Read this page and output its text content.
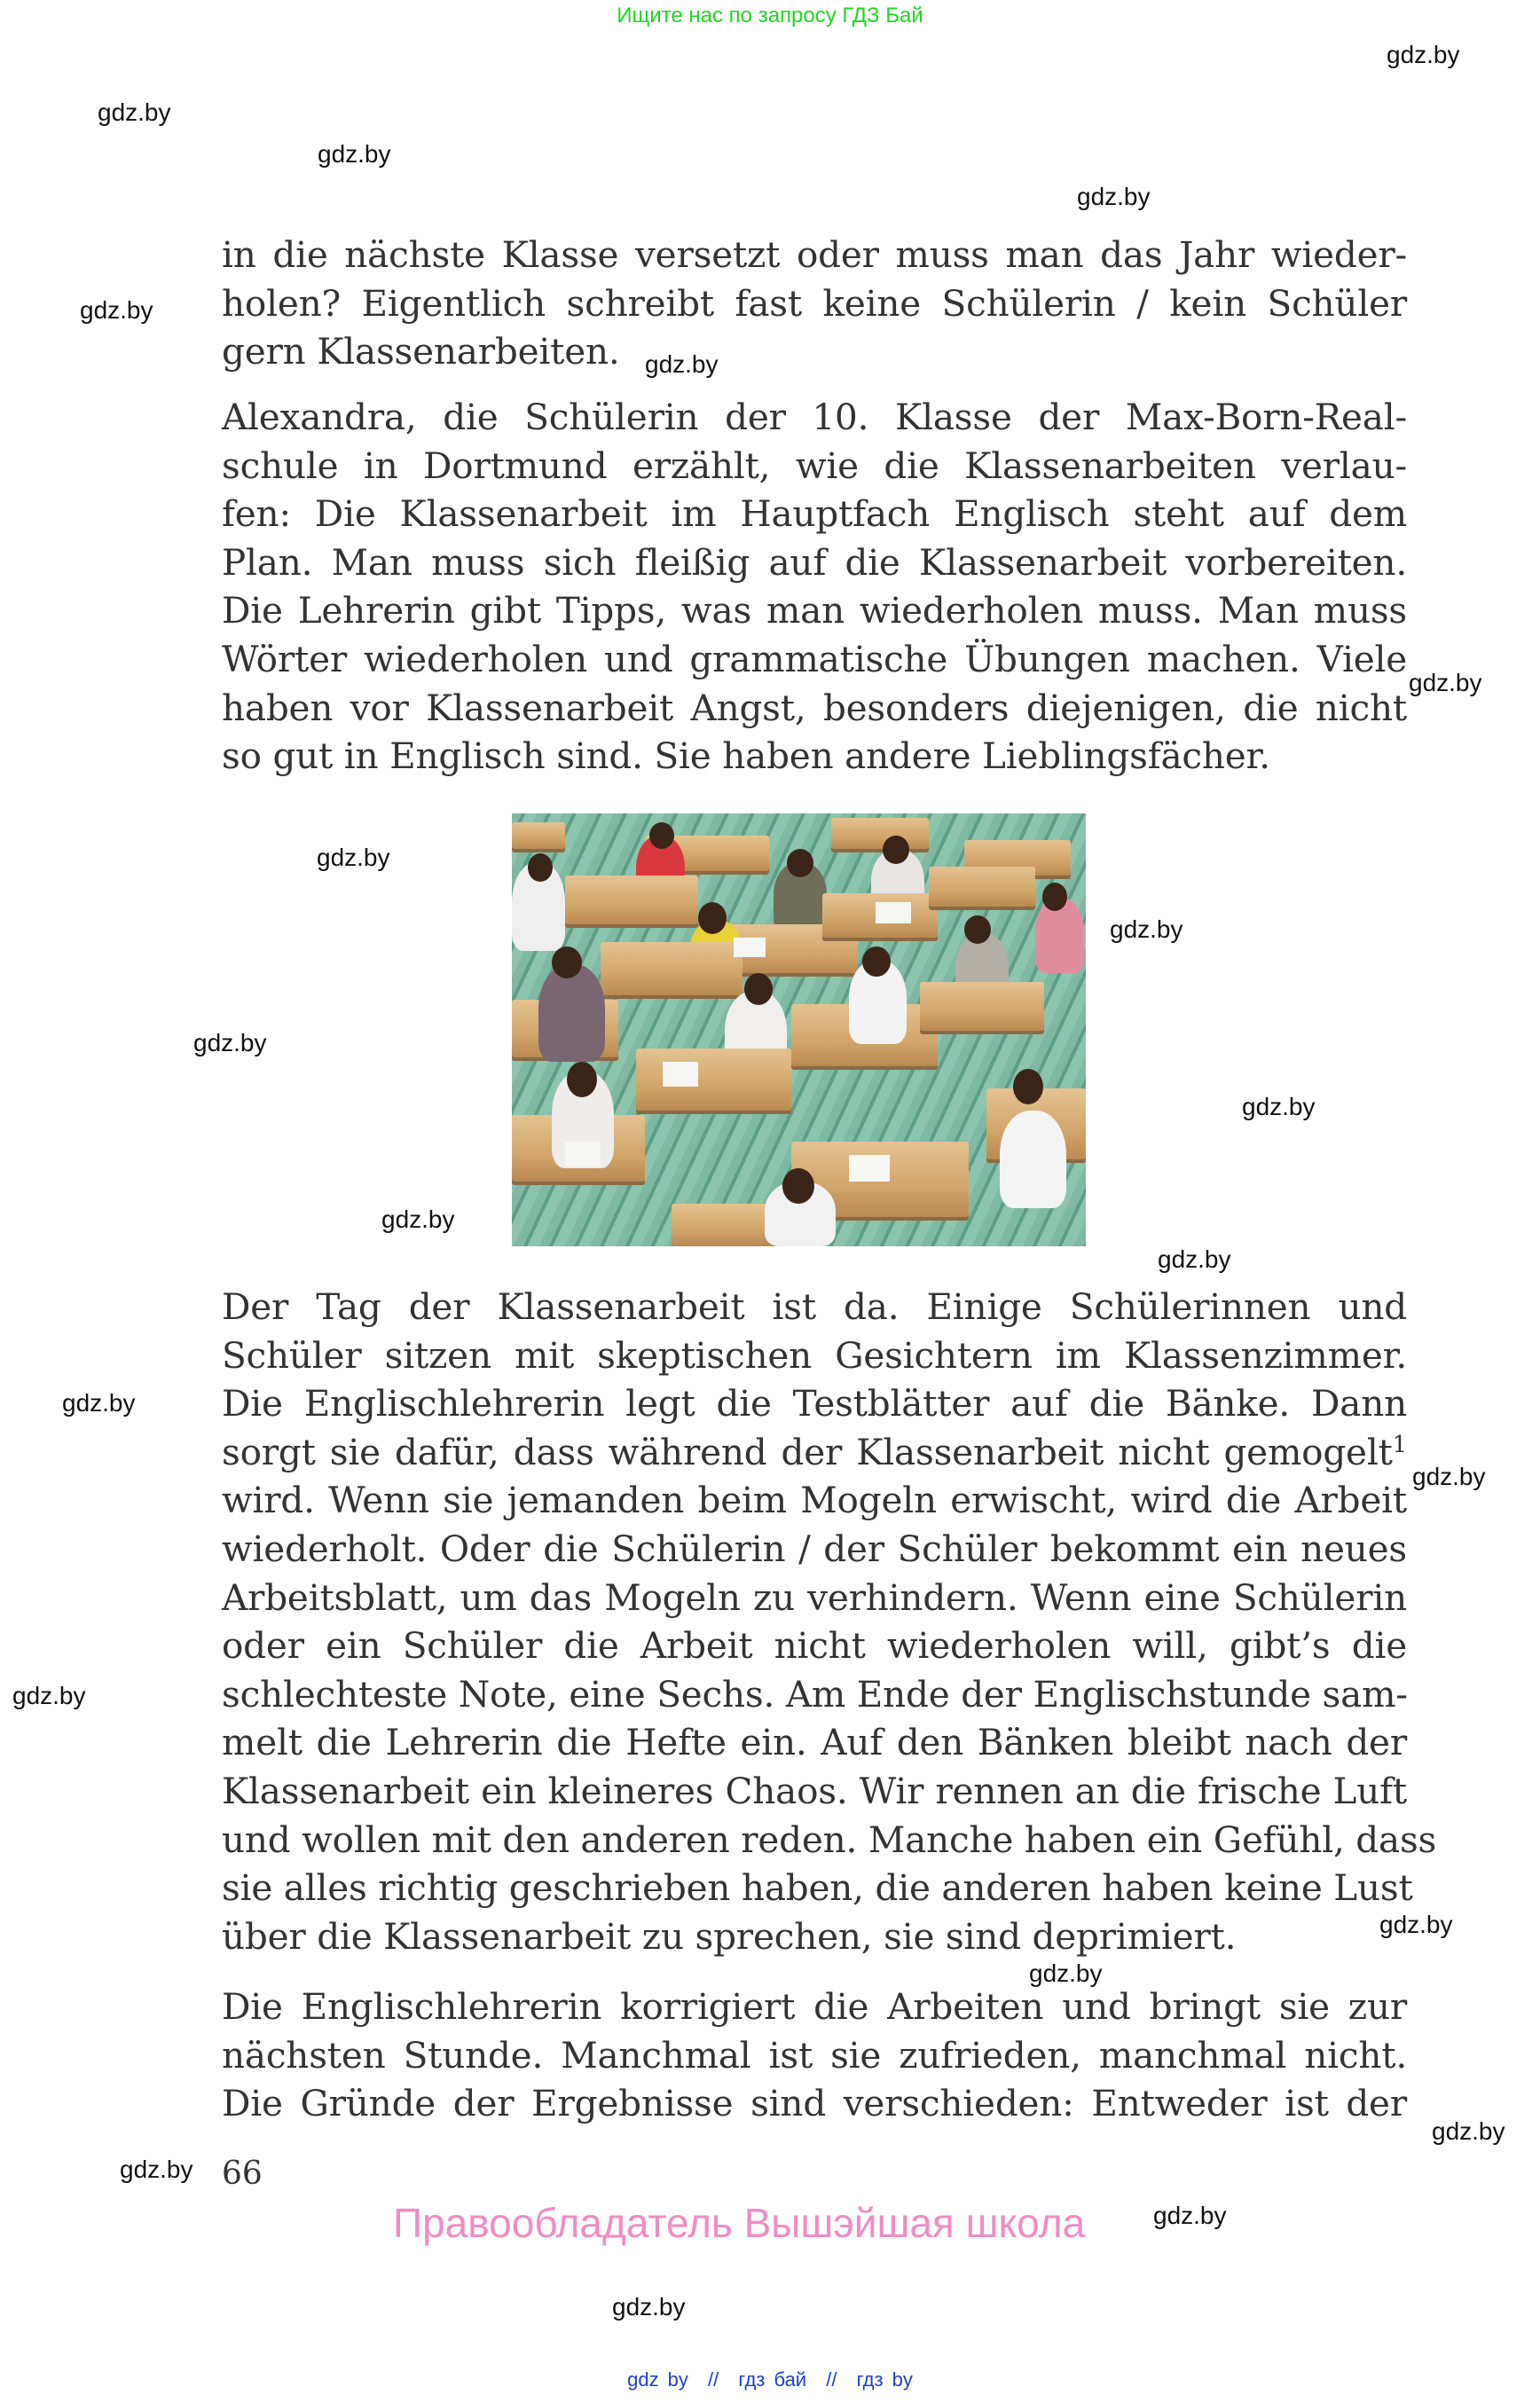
Ищите нас по запросу ГДЗ Бай
gdz.by
gdz.by
gdz.by
gdz.by
gdz.by
gdz.by
gdz.by
gdz.by
gdz.by
gdz.by
gdz.by
gdz.by
gdz.by
gdz.by
gdz.by
gdz.by
gdz.by
gdz.by
gdz.by
gdz.by
gdz.by
gdz.by
in die nächste Klasse versetzt oder muss man das Jahr wieder-
holen? Eigentlich schreibt fast keine Schülerin / kein Schüler
gern Klassenarbeiten.
Alexandra, die Schülerin der 10. Klasse der Max-Born-Real-
schule in Dortmund erzählt, wie die Klassenarbeiten verlau-
fen: Die Klassenarbeit im Hauptfach Englisch steht auf dem
Plan. Man muss sich fleißig auf die Klassenarbeit vorbereiten.
Die Lehrerin gibt Tipps, was man wiederholen muss. Man muss
Wörter wiederholen und grammatische Übungen machen. Viele
haben vor Klassenarbeit Angst, besonders diejenigen, die nicht
so gut in Englisch sind. Sie haben andere Lieblingsfächer.
Der Tag der Klassenarbeit ist da. Einige Schülerinnen und
Schüler sitzen mit skeptischen Gesichtern im Klassenzimmer.
Die Englischlehrerin legt die Testblätter auf die Bänke. Dann
sorgt sie dafür, dass während der Klassenarbeit nicht gemogelt$^1$
wird. Wenn sie jemanden beim Mogeln erwischt, wird die Arbeit
wiederholt. Oder die Schülerin / der Schüler bekommt ein neues
Arbeitsblatt, um das Mogeln zu verhindern. Wenn eine Schülerin
oder ein Schüler die Arbeit nicht wiederholen will, gibt’s die
schlechteste Note, eine Sechs. Am Ende der Englischstunde sam-
melt die Lehrerin die Hefte ein. Auf den Bänken bleibt nach der
Klassenarbeit ein kleineres Chaos. Wir rennen an die frische Luft
und wollen mit den anderen reden. Manche haben ein Gefühl, dass
sie alles richtig geschrieben haben, die anderen haben keine Lust
über die Klassenarbeit zu sprechen, sie sind deprimiert.
Die Englischlehrerin korrigiert die Arbeiten und bringt sie zur
nächsten Stunde. Manchmal ist sie zufrieden, manchmal nicht.
Die Gründe der Ergebnisse sind verschieden: Entweder ist der
66
Правообладатель Вышэйшая школа
gdz by // гдз бай // гдз by
